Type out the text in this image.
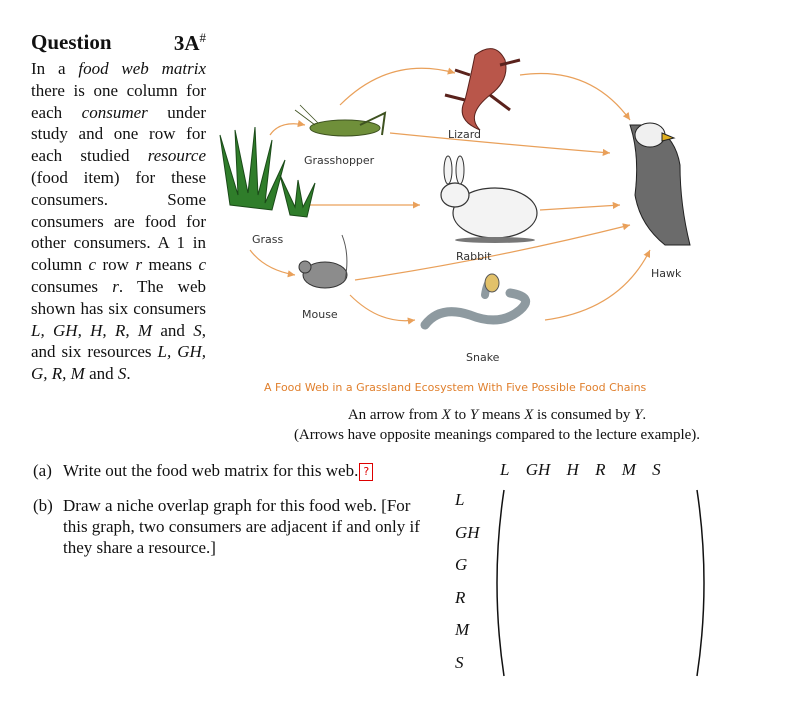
Question	3A#
In a food web matrix there is one column for each consumer under study and one row for each studied resource (food item) for these consumers. Some consumers are food for other consumers. A 1 in column c row r means c consumes r. The web shown has six consumers L, GH, H, R, M and S, and six resources L, GH, G, R, M and S.
Lizard
Grasshopper
Grass
Rabbit
Hawk
Mouse
Snake
A Food Web in a Grassland Ecosystem With Five Possible Food Chains
An arrow from X to Y means X is consumed by Y.
(Arrows have opposite meanings compared to the lecture example).
(a) Write out the food web matrix for this web. ?
(b) Draw a niche overlap graph for this food web. [For this graph, two consumers are adjacent if and only if they share a resource.]
L GH H R M S
L
GH
G
R
M
S
